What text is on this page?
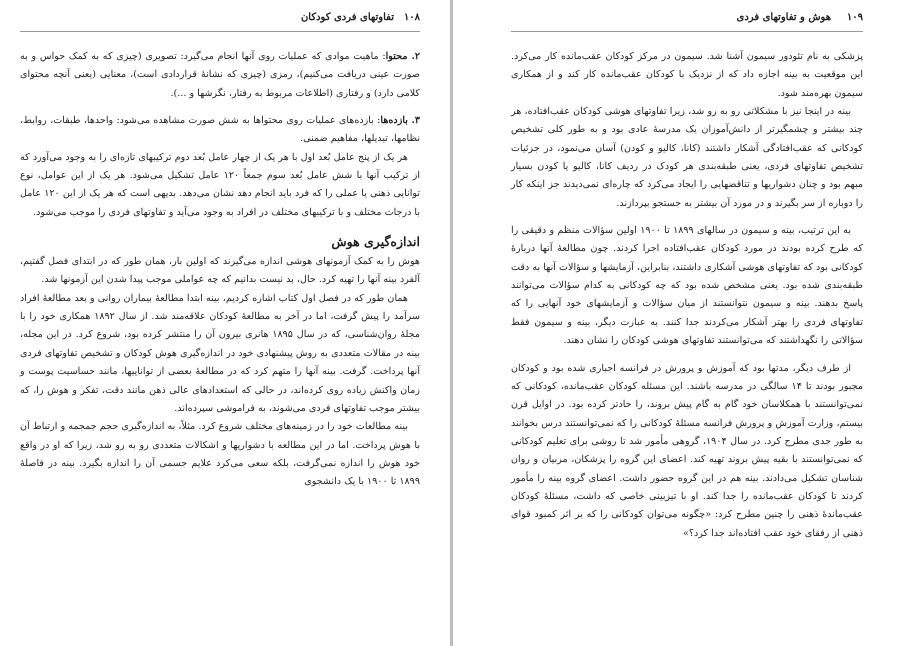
۱۰۸
تفاوتهای فردی کودکان

۲. محتوا: ماهیت موادی که عملیات روی آنها انجام می‌گیرد: تصویری (چیزی که به کمک حواس و به صورت عینی دریافت می‌کنیم)، رمزی (چیزی که نشانهٔ قراردادی است)، معنایی (یعنی آنچه محتوای کلامی دارد) و رفتاری (اطلاعات مربوط به رفتار، نگرشها و ...).

۳. بازده‌ها: بازده‌های عملیات روی محتواها به شش صورت مشاهده می‌شود: واحدها، طبقات، روابط، نظامها، تبدیلها، مفاهیم ضمنی.

هر یک از پنج عامل بُعد اول با هر یک از چهار عامل بُعد دوم ترکیبهای تازه‌ای را به وجود می‌آورد که از ترکیب آنها با شش عامل بُعد سوم جمعاً ۱۲۰ عامل تشکیل می‌شود. هر یک از این عوامل، نوع توانایی ذهنی یا عملی را که فرد باید انجام دهد نشان می‌دهد. بدیهی است که هر یک از این ۱۲۰ عامل با درجات مختلف و با ترکیبهای مختلف در افراد به وجود می‌آید و تفاوتهای فردی را موجب می‌شود.

اندازه‌گیری هوش

هوش را به کمک آزمونهای هوشی اندازه می‌گیرند که اولین بار، همان طور که در ابتدای فصل گفتیم، آلفرد بینه آنها را تهیه کرد. حال، بد نیست بدانیم که چه عواملی موجب پیدا شدن این آزمونها شد.

همان طور که در فصل اول کتاب اشاره کردیم، بینه ابتدا مطالعهٔ بیماران روانی و بعد مطالعهٔ افراد سرآمد را پیش گرفت، اما در آخر به مطالعهٔ کودکان علاقه‌مند شد. از سال ۱۸۹۲ همکاری خود را با مجلهٔ روان‌شناسی، که در سال ۱۸۹۵ هانری بیرون آن را منتشر کرده بود، شروع کرد. در این مجله، بینه در مقالات متعددی به روش پیشنهادی خود در اندازه‌گیری هوش کودکان و تشخیص تفاوتهای فردی آنها پرداخت. گرفت. بینه آنها را متهم کرد که در مطالعهٔ بعضی از تواناییها، مانند حساسیت پوست و زمان واکنش زیاده روی کرده‌اند، در حالی که استعدادهای عالی ذهن مانند دقت، تفکر و هوش را، که بیشتر موجب تفاوتهای فردی می‌شوند، به فراموشی سپرده‌اند.

بینه مطالعات خود را در زمینه‌های مختلف شروع کرد. مثلاً، به اندازه‌گیری حجم جمجمه و ارتباط آن با هوش پرداخت. اما در این مطالعه با دشواریها و اشکالات متعددی رو به رو شد، زیرا که او در واقع خود هوش را اندازه نمی‌گرفت، بلکه سعی می‌کرد علایم جسمی آن را اندازه بگیرد. بینه در فاصلهٔ ۱۸۹۹ تا ۱۹۰۰ با یک دانشجوی

۱۰۹
هوش و تفاوتهای فردی

پزشکی به نام تئودور سیمون آشنا شد. سیمون در مرکز کودکان عقب‌مانده کار می‌کرد. این موقعیت به بینه اجازه داد که از نزدیک با کودکان عقب‌مانده کار کند و از همکاری سیمون بهره‌مند شود.

بینه در اینجا نیز با مشکلاتی رو به رو شد، زیرا تفاوتهای هوشی کودکان عقب‌افتاده، هر چند بیشتر و چشمگیرتر از دانش‌آموزان یک مدرسهٔ عادی بود و به طور کلی تشخیص کودکانی که عقب‌افتادگی آشکار داشتند (کانا، کالیو و کودن) آسان می‌نمود، در جزئیات تشخیص تفاوتهای فردی، یعنی طبقه‌بندی هر کودک در ردیف کانا، کالیو یا کودن بسیار مبهم بود و چنان دشواریها و تناقضهایی را ایجاد می‌کرد که چاره‌ای نمی‌دیدند جز اینکه کار را دوباره از سر بگیرند و در مورد آن بیشتر به جستجو بپردازند.

به این ترتیب، بینه و سیمون در سالهای ۱۸۹۹ تا ۱۹۰۰ اولین سؤالات منظم و دقیقی را که طرح کرده بودند در مورد کودکان عقب‌افتاده اجرا کردند. چون مطالعهٔ آنها دربارهٔ کودکانی بود که تفاوتهای هوشی آشکاری داشتند، بنابراین، آزمایشها و سؤالات آنها به دقت طبقه‌بندی شده بود. یعنی مشخص شده بود که چه کودکانی به کدام سؤالات می‌توانند پاسخ بدهند. بینه و سیمون نتوانستند از میان سؤالات و آزمایشهای خود آنهایی را که تفاوتهای فردی را بهتر آشکار می‌کردند جدا کنند. به عبارت دیگر، بینه و سیمون فقط سؤالاتی را نگهداشتند که می‌توانستند تفاوتهای هوشی کودکان را نشان دهند.

از طرف دیگر، مدتها بود که آموزش و پرورش در فرانسه اجباری شده بود و کودکان مجبور بودند تا ۱۴ سالگی در مدرسه باشند. این مسئله کودکان عقب‌مانده، کودکانی که نمی‌توانستند با همکلاسان خود گام به گام پیش بروند، را حادتر کرده بود. در اوایل قرن بیستم، وزارت آموزش و پرورش فرانسه مسئلهٔ کودکانی را که نمی‌توانستند درس بخوانند به طور جدی مطرح کرد. در سال ۱۹۰۴، گروهی مأمور شد تا روشی برای تعلیم کودکانی که نمی‌توانستند با بقیه پیش بروند تهیه کند. اعضای این گروه را پزشکان، مربیان و روان شناسان تشکیل می‌دادند. بینه هم در این گروه حضور داشت. اعضای گروه بینه را مأمور کردند تا کودکان عقب‌مانده را جدا کند. او با تیزبینی خاصی که داشت، مسئلهٔ کودکان عقب‌ماندهٔ ذهنی را چنین مطرح کرد: «چگونه می‌توان کودکانی را که بر اثر کمبود قوای ذهنی از رفقای خود عقب افتاده‌اند جدا کرد؟»
